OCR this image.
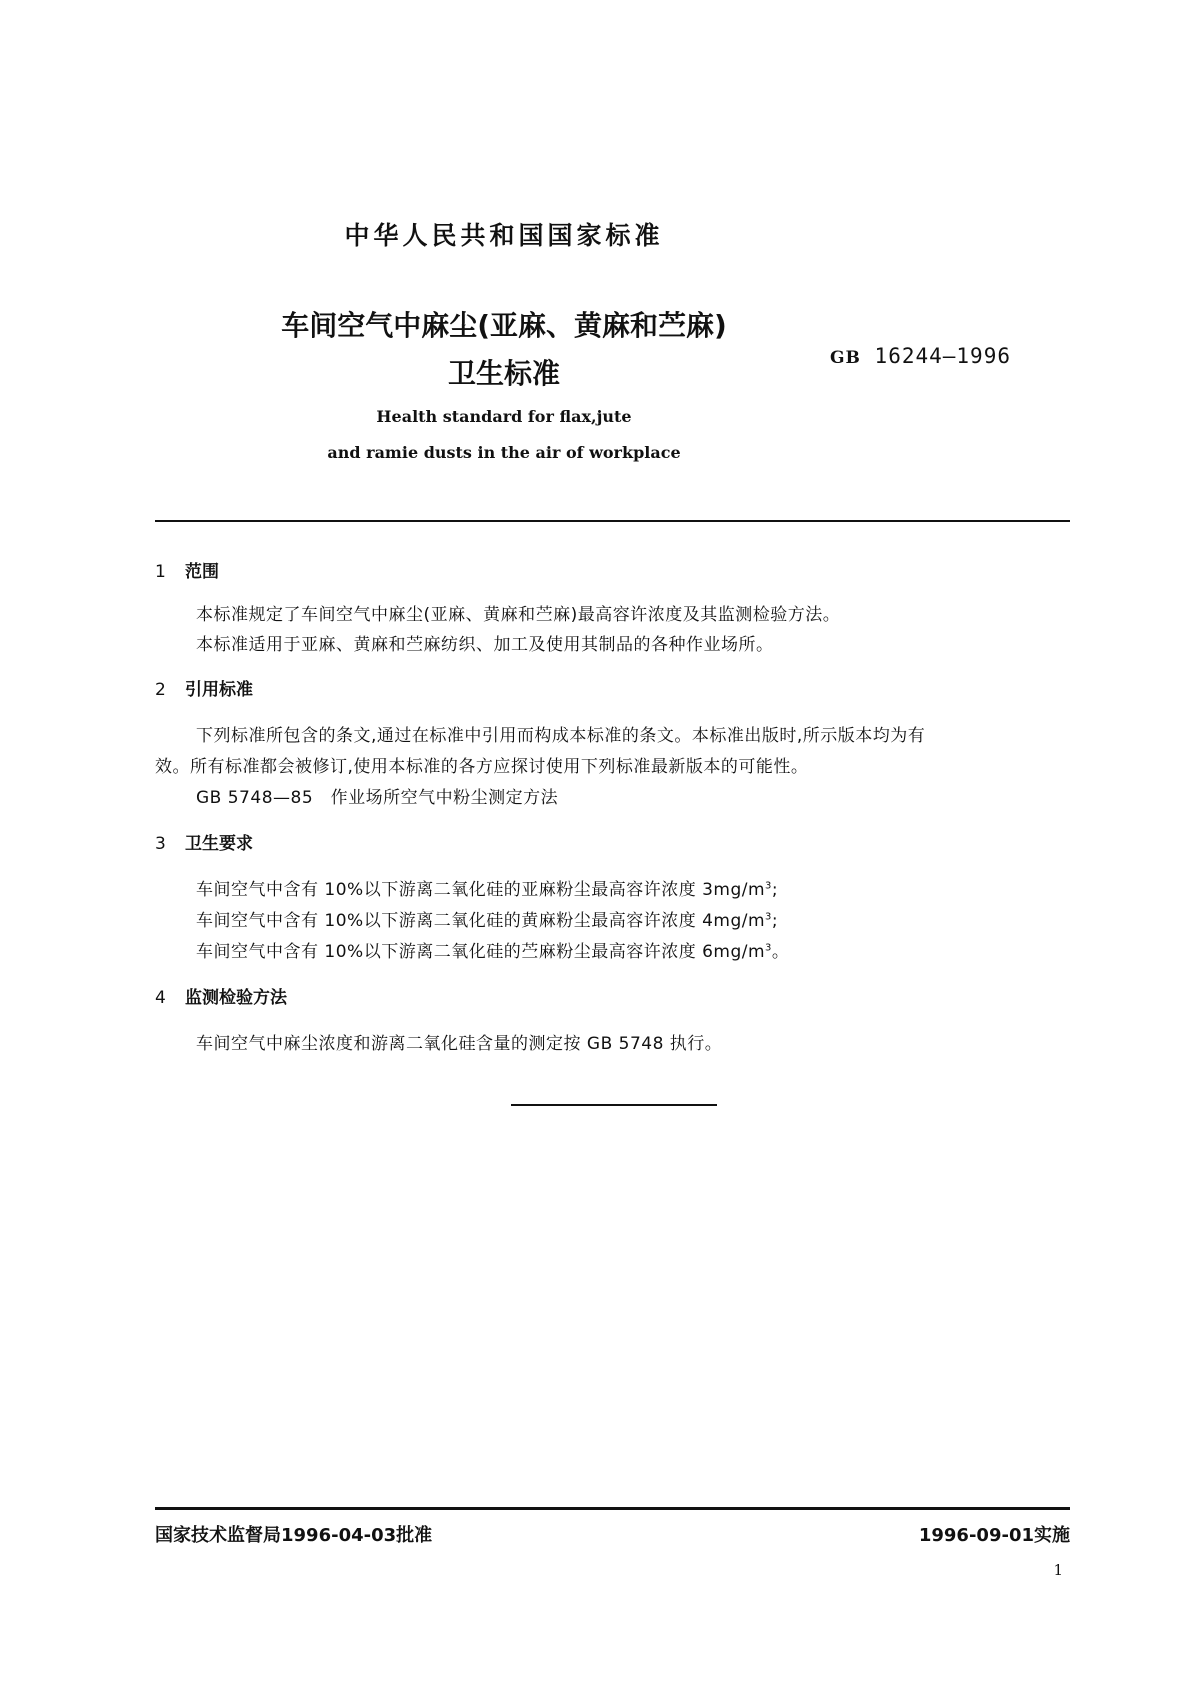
中华人民共和国国家标准
车间空气中麻尘(亚麻、黄麻和苎麻)
卫生标准	GB 16244—1996
Health standard for flax,jute
and ramie dusts in the air of workplace
1 范围
本标准规定了车间空气中麻尘(亚麻、黄麻和苎麻)最高容许浓度及其监测检验方法。
本标准适用于亚麻、黄麻和苎麻纺织、加工及使用其制品的各种作业场所。
2 引用标准
下列标准所包含的条文,通过在标准中引用而构成本标准的条文。本标准出版时,所示版本均为有
效。所有标准都会被修订,使用本标准的各方应探讨使用下列标准最新版本的可能性。
GB 5748—85　作业场所空气中粉尘测定方法
3 卫生要求
车间空气中含有 10%以下游离二氧化硅的亚麻粉尘最高容许浓度 $3mg/m^3$;
车间空气中含有 10%以下游离二氧化硅的黄麻粉尘最高容许浓度 $4mg/m^3$;
车间空气中含有 10%以下游离二氧化硅的苎麻粉尘最高容许浓度 $6mg/m^3$。
4 监测检验方法
车间空气中麻尘浓度和游离二氧化硅含量的测定按 GB 5748 执行。
国家技术监督局1996-04-03批准	1996-09-01实施
1
